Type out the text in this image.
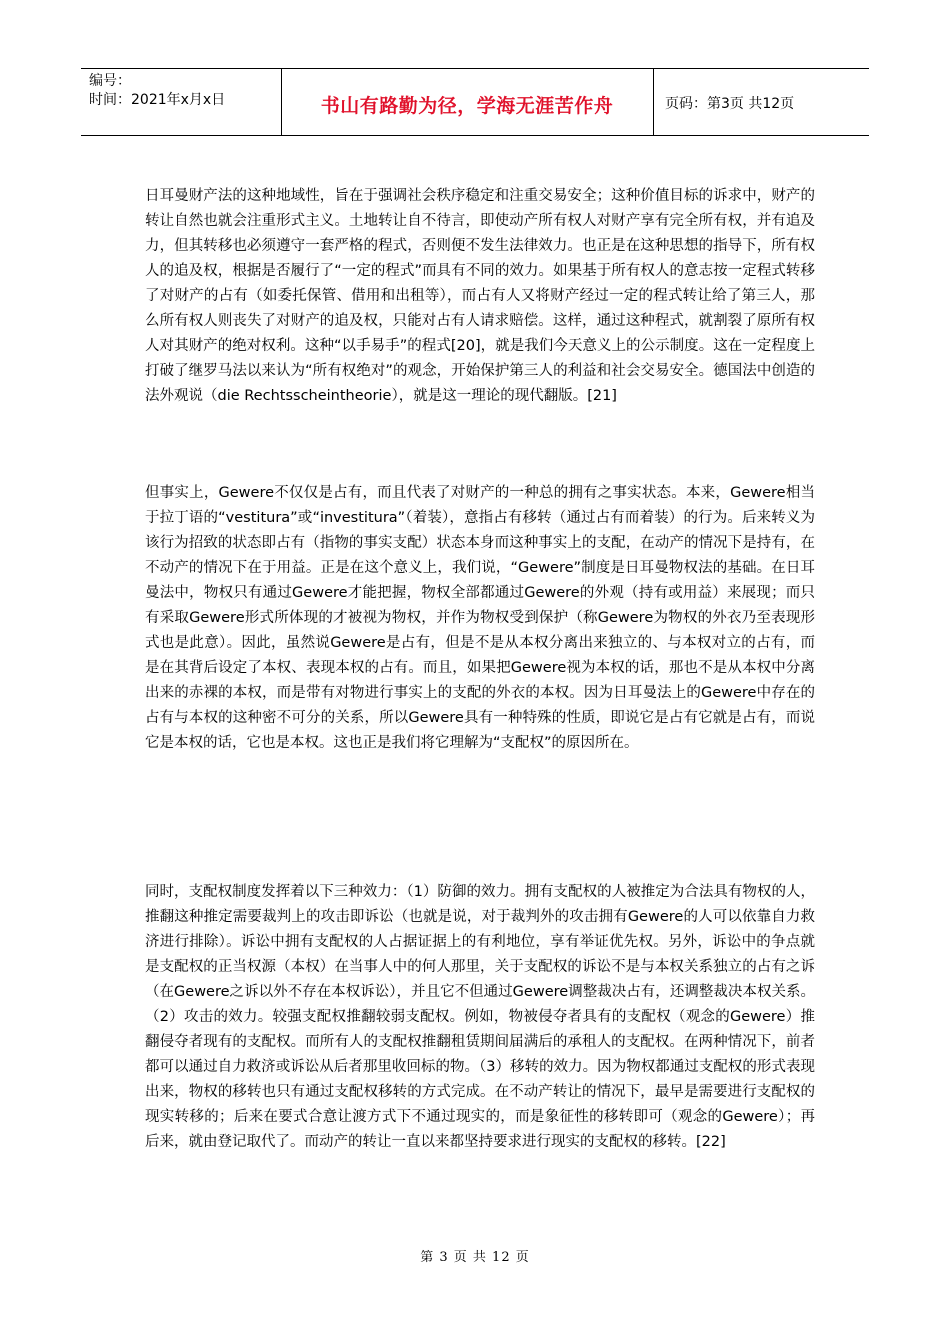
编号：
时间：2021年x月x日	书山有路勤为径，学海无涯苦作舟	页码：第3页 共12页

日耳曼财产法的这种地域性，旨在于强调社会秩序稳定和注重交易安全；这种价值目标的诉求中，财产的转让自然也就会注重形式主义。土地转让自不待言，即使动产所有权人对财产享有完全所有权，并有追及力，但其转移也必须遵守一套严格的程式，否则便不发生法律效力。也正是在这种思想的指导下，所有权人的追及权，根据是否履行了“一定的程式”而具有不同的效力。如果基于所有权人的意志按一定程式转移了对财产的占有（如委托保管、借用和出租等），而占有人又将财产经过一定的程式转让给了第三人，那么所有权人则丧失了对财产的追及权，只能对占有人请求赔偿。这样，通过这种程式，就割裂了原所有权人对其财产的绝对权利。这种“以手易手”的程式[20]，就是我们今天意义上的公示制度。这在一定程度上打破了继罗马法以来认为“所有权绝对”的观念，开始保护第三人的利益和社会交易安全。德国法中创造的法外观说（die Rechtsscheintheorie），就是这一理论的现代翻版。[21]

但事实上，Gewere不仅仅是占有，而且代表了对财产的一种总的拥有之事实状态。本来，Gewere相当于拉丁语的“vestitura”或“investitura”（着装），意指占有移转（通过占有而着装）的行为。后来转义为该行为招致的状态即占有（指物的事实支配）状态本身而这种事实上的支配，在动产的情况下是持有，在不动产的情况下在于用益。正是在这个意义上，我们说，“Gewere”制度是日耳曼物权法的基础。在日耳曼法中，物权只有通过Gewere才能把握，物权全部都通过Gewere的外观（持有或用益）来展现；而只有采取Gewere形式所体现的才被视为物权，并作为物权受到保护（称Gewere为物权的外衣乃至表现形式也是此意）。因此，虽然说Gewere是占有，但是不是从本权分离出来独立的、与本权对立的占有，而是在其背后设定了本权、表现本权的占有。而且，如果把Gewere视为本权的话，那也不是从本权中分离出来的赤裸的本权，而是带有对物进行事实上的支配的外衣的本权。因为日耳曼法上的Gewere中存在的占有与本权的这种密不可分的关系，所以Gewere具有一种特殊的性质，即说它是占有它就是占有，而说它是本权的话，它也是本权。这也正是我们将它理解为“支配权”的原因所在。

同时，支配权制度发挥着以下三种效力：（1）防御的效力。拥有支配权的人被推定为合法具有物权的人，推翻这种推定需要裁判上的攻击即诉讼（也就是说，对于裁判外的攻击拥有Gewere的人可以依靠自力救济进行排除）。诉讼中拥有支配权的人占据证据上的有利地位，享有举证优先权。另外，诉讼中的争点就是支配权的正当权源（本权）在当事人中的何人那里，关于支配权的诉讼不是与本权关系独立的占有之诉（在Gewere之诉以外不存在本权诉讼），并且它不但通过Gewere调整裁决占有，还调整裁决本权关系。（2）攻击的效力。较强支配权推翻较弱支配权。例如，物被侵夺者具有的支配权（观念的Gewere）推翻侵夺者现有的支配权。而所有人的支配权推翻租赁期间届满后的承租人的支配权。在两种情况下，前者都可以通过自力救济或诉讼从后者那里收回标的物。（3）移转的效力。因为物权都通过支配权的形式表现出来，物权的移转也只有通过支配权移转的方式完成。在不动产转让的情况下，最早是需要进行支配权的现实转移的；后来在要式合意让渡方式下不通过现实的，而是象征性的移转即可（观念的Gewere）；再后来，就由登记取代了。而动产的转让一直以来都坚持要求进行现实的支配权的移转。[22]

第 3 页 共 12 页
